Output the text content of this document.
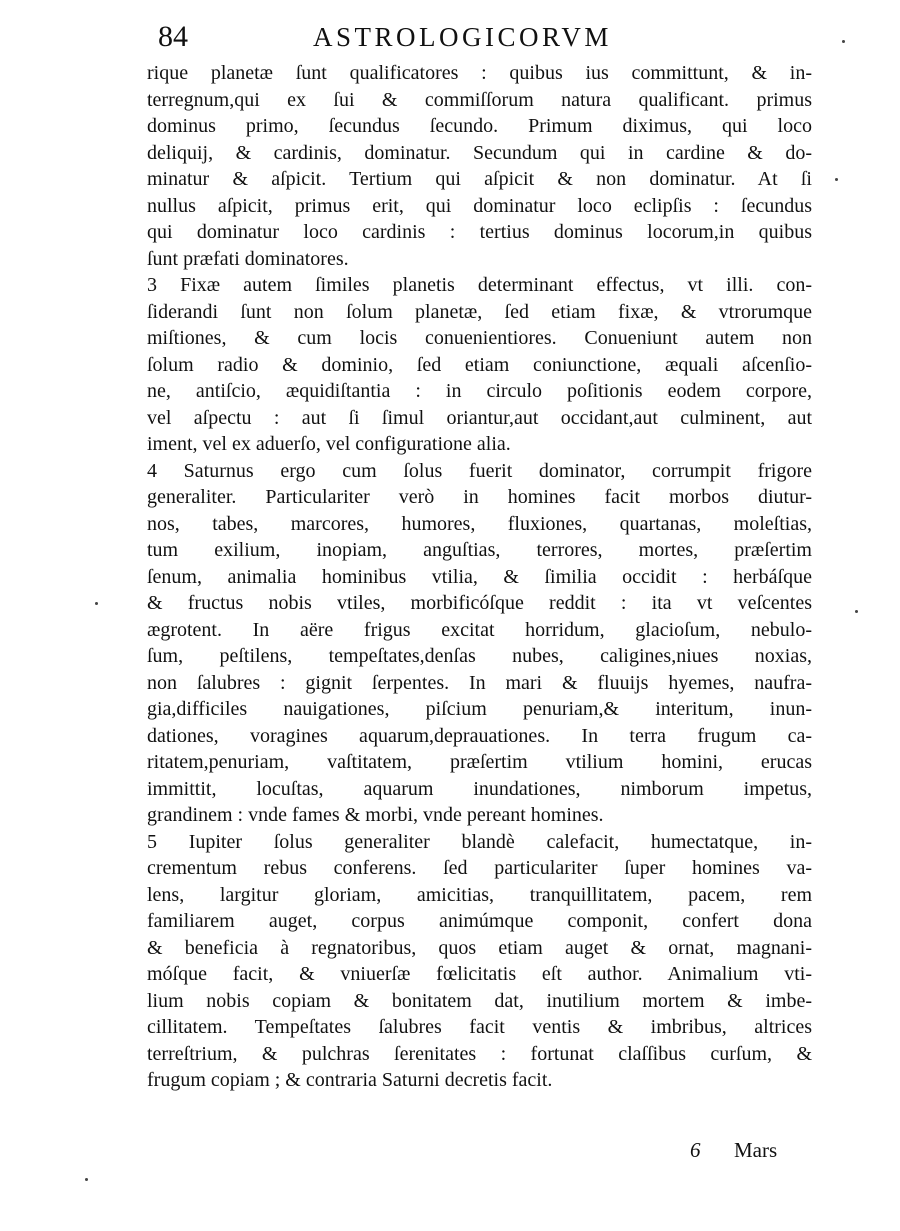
84	ASTROLOGICORVM
rique planetæ ſunt qualificatores : quibus ius committunt, & in-
terregnum,qui ex ſui & commiſſorum natura qualificant. primus
dominus primo, ſecundus ſecundo. Primum diximus, qui loco
deliquij, & cardinis, dominatur. Secundum qui in cardine & do-
minatur & aſpicit. Tertium qui aſpicit & non dominatur. At ſi
nullus aſpicit, primus erit, qui dominatur loco eclipſis : ſecundus
qui dominatur loco cardinis : tertius dominus locorum,in quibus
ſunt præfati dominatores.
3 Fixæ autem ſimiles planetis determinant effectus, vt illi. con-
ſiderandi ſunt non ſolum planetæ, ſed etiam fixæ, & vtrorumque
miſtiones, & cum locis conuenientiores. Conueniunt autem non
ſolum radio & dominio, ſed etiam coniunctione, æquali aſcenſio-
ne, antiſcio, æquidiſtantia : in circulo poſitionis eodem corpore,
vel aſpectu : aut ſi ſimul oriantur,aut occidant,aut culminent, aut
iment, vel ex aduerſo, vel configuratione alia.
4 Saturnus ergo cum ſolus fuerit dominator, corrumpit frigore
generaliter. Particulariter verò in homines facit morbos diutur-
nos, tabes, marcores, humores, fluxiones, quartanas, moleſtias,
tum exilium, inopiam, anguſtias, terrores, mortes, præſertim
ſenum, animalia hominibus vtilia, & ſimilia occidit : herbáſque
& fructus nobis vtiles, morbificóſque reddit : ita vt veſcentes
ægrotent. In aëre frigus excitat horridum, glacioſum, nebulo-
ſum, peſtilens, tempeſtates,denſas nubes, caligines,niues noxias,
non ſalubres : gignit ſerpentes. In mari & fluuijs hyemes, naufra-
gia,difficiles nauigationes, piſcium penuriam,& interitum, inun-
dationes, voragines aquarum,deprauationes. In terra frugum ca-
ritatem,penuriam, vaſtitatem, præſertim vtilium homini, erucas
immittit, locuſtas, aquarum inundationes, nimborum impetus,
grandinem : vnde fames & morbi, vnde pereant homines.
5 Iupiter ſolus generaliter blandè calefacit, humectatque, in-
crementum rebus conferens. ſed particulariter ſuper homines va-
lens, largitur gloriam, amicitias, tranquillitatem, pacem, rem
familiarem auget, corpus animúmque componit, confert dona
& beneficia à regnatoribus, quos etiam auget & ornat, magnani-
móſque facit, & vniuerſæ fœlicitatis eſt author. Animalium vti-
lium nobis copiam & bonitatem dat, inutilium mortem & imbe-
cillitatem. Tempeſtates ſalubres facit ventis & imbribus, altrices
terreſtrium, & pulchras ſerenitates : fortunat claſſibus curſum, &
frugum copiam ; & contraria Saturni decretis facit.
6 Mars
